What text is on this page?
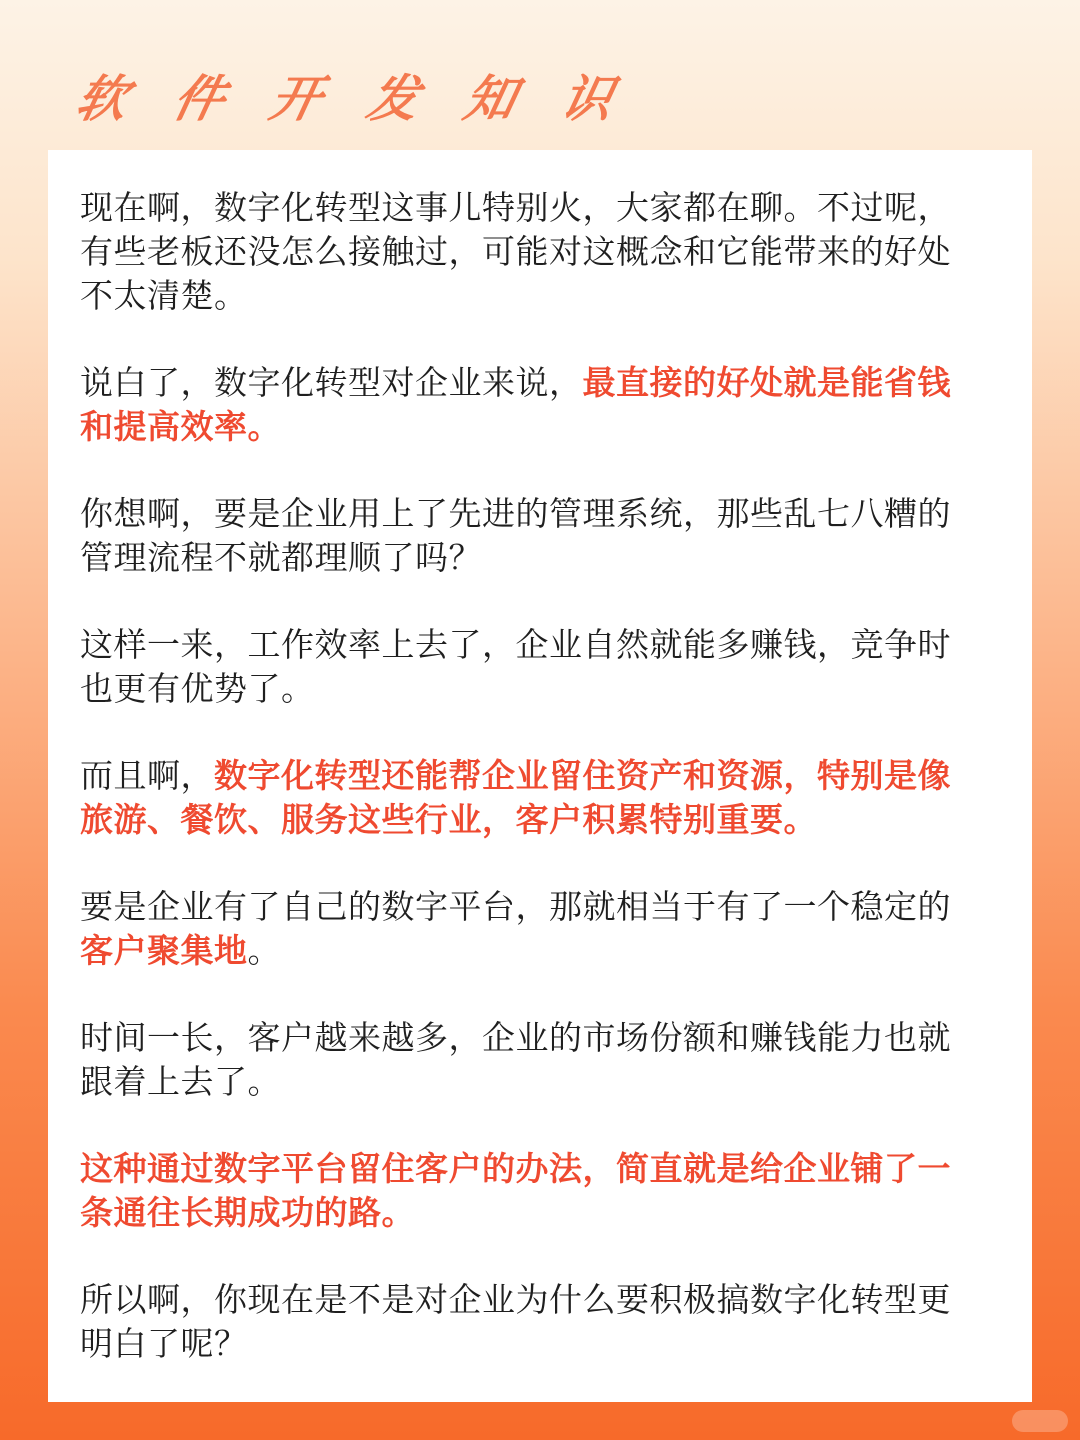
软 件 开 发 知 识

现在啊，数字化转型这事儿特别火，大家都在聊。不过呢，有些老板还没怎么接触过，可能对这概念和它能带来的好处不太清楚。

说白了，数字化转型对企业来说，最直接的好处就是能省钱和提高效率。

你想啊，要是企业用上了先进的管理系统，那些乱七八糟的管理流程不就都理顺了吗？

这样一来，工作效率上去了，企业自然就能多赚钱，竞争时也更有优势了。

而且啊，数字化转型还能帮企业留住资产和资源，特别是像旅游、餐饮、服务这些行业，客户积累特别重要。

要是企业有了自己的数字平台，那就相当于有了一个稳定的客户聚集地。

时间一长，客户越来越多，企业的市场份额和赚钱能力也就跟着上去了。

这种通过数字平台留住客户的办法，简直就是给企业铺了一条通往长期成功的路。

所以啊，你现在是不是对企业为什么要积极搞数字化转型更明白了呢？
